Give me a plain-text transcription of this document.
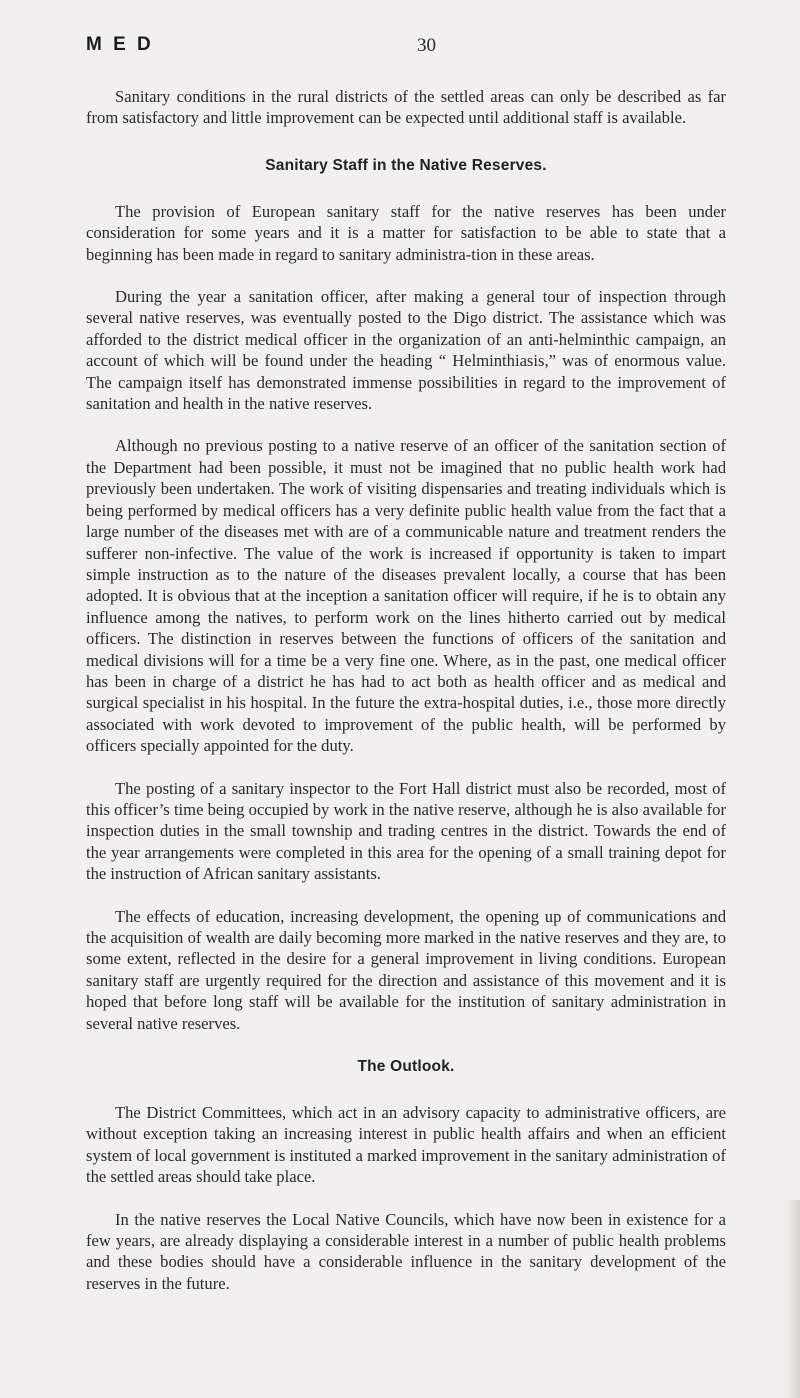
M E D	30

Sanitary conditions in the rural districts of the settled areas can only be described as far from satisfactory and little improvement can be expected until additional staff is available.

Sanitary Staff in the Native Reserves.

The provision of European sanitary staff for the native reserves has been under consideration for some years and it is a matter for satisfaction to be able to state that a beginning has been made in regard to sanitary administra-tion in these areas.

During the year a sanitation officer, after making a general tour of inspection through several native reserves, was eventually posted to the Digo district. The assistance which was afforded to the district medical officer in the organization of an anti-helminthic campaign, an account of which will be found under the heading “ Helminthiasis,” was of enormous value. The campaign itself has demonstrated immense possibilities in regard to the improvement of sanitation and health in the native reserves.

Although no previous posting to a native reserve of an officer of the sanitation section of the Department had been possible, it must not be imagined that no public health work had previously been undertaken. The work of visiting dispensaries and treating individuals which is being performed by medical officers has a very definite public health value from the fact that a large number of the diseases met with are of a communicable nature and treatment renders the sufferer non-infective. The value of the work is increased if opportunity is taken to impart simple instruction as to the nature of the diseases prevalent locally, a course that has been adopted. It is obvious that at the inception a sanitation officer will require, if he is to obtain any influence among the natives, to perform work on the lines hitherto carried out by medical officers. The distinction in reserves between the functions of officers of the sanitation and medical divisions will for a time be a very fine one. Where, as in the past, one medical officer has been in charge of a district he has had to act both as health officer and as medical and surgical specialist in his hospital. In the future the extra-hospital duties, i.e., those more directly associated with work devoted to improvement of the public health, will be performed by officers specially appointed for the duty.

The posting of a sanitary inspector to the Fort Hall district must also be recorded, most of this officer’s time being occupied by work in the native reserve, although he is also available for inspection duties in the small township and trading centres in the district. Towards the end of the year arrangements were completed in this area for the opening of a small training depot for the instruction of African sanitary assistants.

The effects of education, increasing development, the opening up of communications and the acquisition of wealth are daily becoming more marked in the native reserves and they are, to some extent, reflected in the desire for a general improvement in living conditions. European sanitary staff are urgently required for the direction and assistance of this movement and it is hoped that before long staff will be available for the institution of sanitary administration in several native reserves.

The Outlook.

The District Committees, which act in an advisory capacity to administrative officers, are without exception taking an increasing interest in public health affairs and when an efficient system of local government is instituted a marked improvement in the sanitary administration of the settled areas should take place.

In the native reserves the Local Native Councils, which have now been in existence for a few years, are already displaying a considerable interest in a number of public health problems and these bodies should have a considerable influence in the sanitary development of the reserves in the future.
